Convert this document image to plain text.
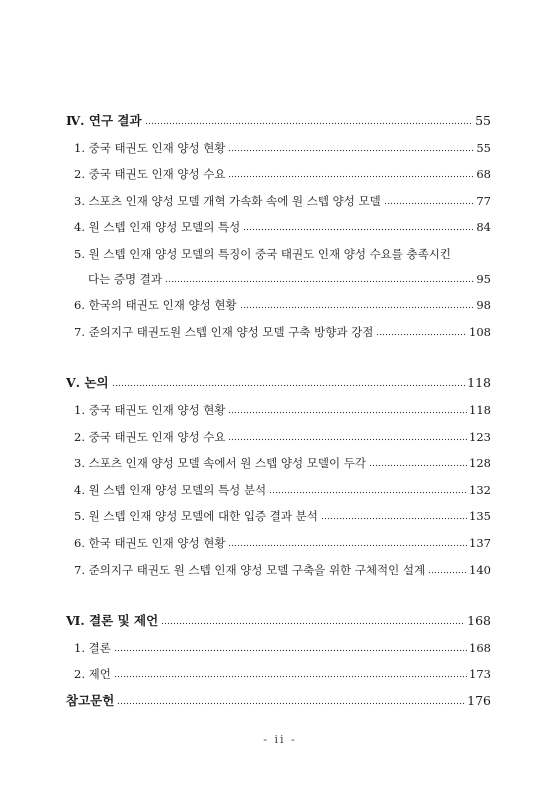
Ⅳ. 연구 결과	55
1. 중국 태권도 인재 양성 현황	55
2. 중국 태권도 인재 양성 수요	68
3. 스포츠 인재 양성 모델 개혁 가속화 속에 원 스텝 양성 모델	77
4. 원 스텝 인재 양성 모델의 특성	84
5. 원 스텝 인재 양성 모델의 특징이 중국 태권도 인재 양성 수요를 충족시킨
다는 증명 결과	95
6. 한국의 태권도 인재 양성 현황	98
7. 준의지구 태권도원 스텝 인재 양성 모델 구축 방향과 강점	108
Ⅴ. 논의	118
1. 중국 태권도 인재 양성 현황	118
2. 중국 태권도 인재 양성 수요	123
3. 스포츠 인재 양성 모델 속에서 원 스텝 양성 모델이 두각	128
4. 원 스텝 인재 양성 모델의 특성 분석	132
5. 원 스텝 인재 양성 모델에 대한 입증 결과 분석	135
6. 한국 태권도 인재 양성 현황	137
7. 준의지구 태권도 원 스텝 인재 양성 모델 구축을 위한 구체적인 설계	140
Ⅵ. 결론 및 제언	168
1. 결론	168
2. 제언	173
참고문헌	176
- ii -
